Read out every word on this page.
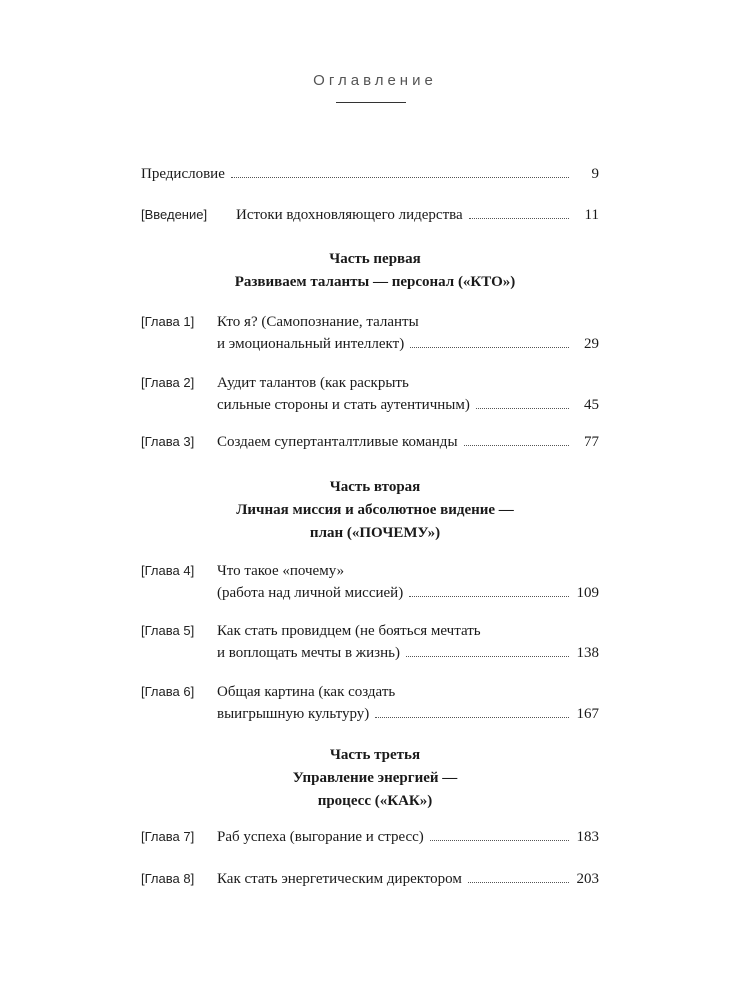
Оглавление
Предисловие	9
[Введение] Истоки вдохновляющего лидерства	11
Часть первая
Развиваем таланты — персонал («КТО»)
[Глава 1] Кто я? (Самопознание, таланты
и эмоциональный интеллект)	29
[Глава 2] Аудит талантов (как раскрыть
сильные стороны и стать аутентичным)	45
[Глава 3] Создаем супертанталтливые команды	77
Часть вторая
Личная миссия и абсолютное видение —
план («ПОЧЕМУ»)
[Глава 4] Что такое «почему»
(работа над личной миссией)	109
[Глава 5] Как стать провидцем (не бояться мечтать
и воплощать мечты в жизнь)	138
[Глава 6] Общая картина (как создать
выигрышную культуру)	167
Часть третья
Управление энергией —
процесс («КАК»)
[Глава 7] Раб успеха (выгорание и стресс)	183
[Глава 8] Как стать энергетическим директором	203
